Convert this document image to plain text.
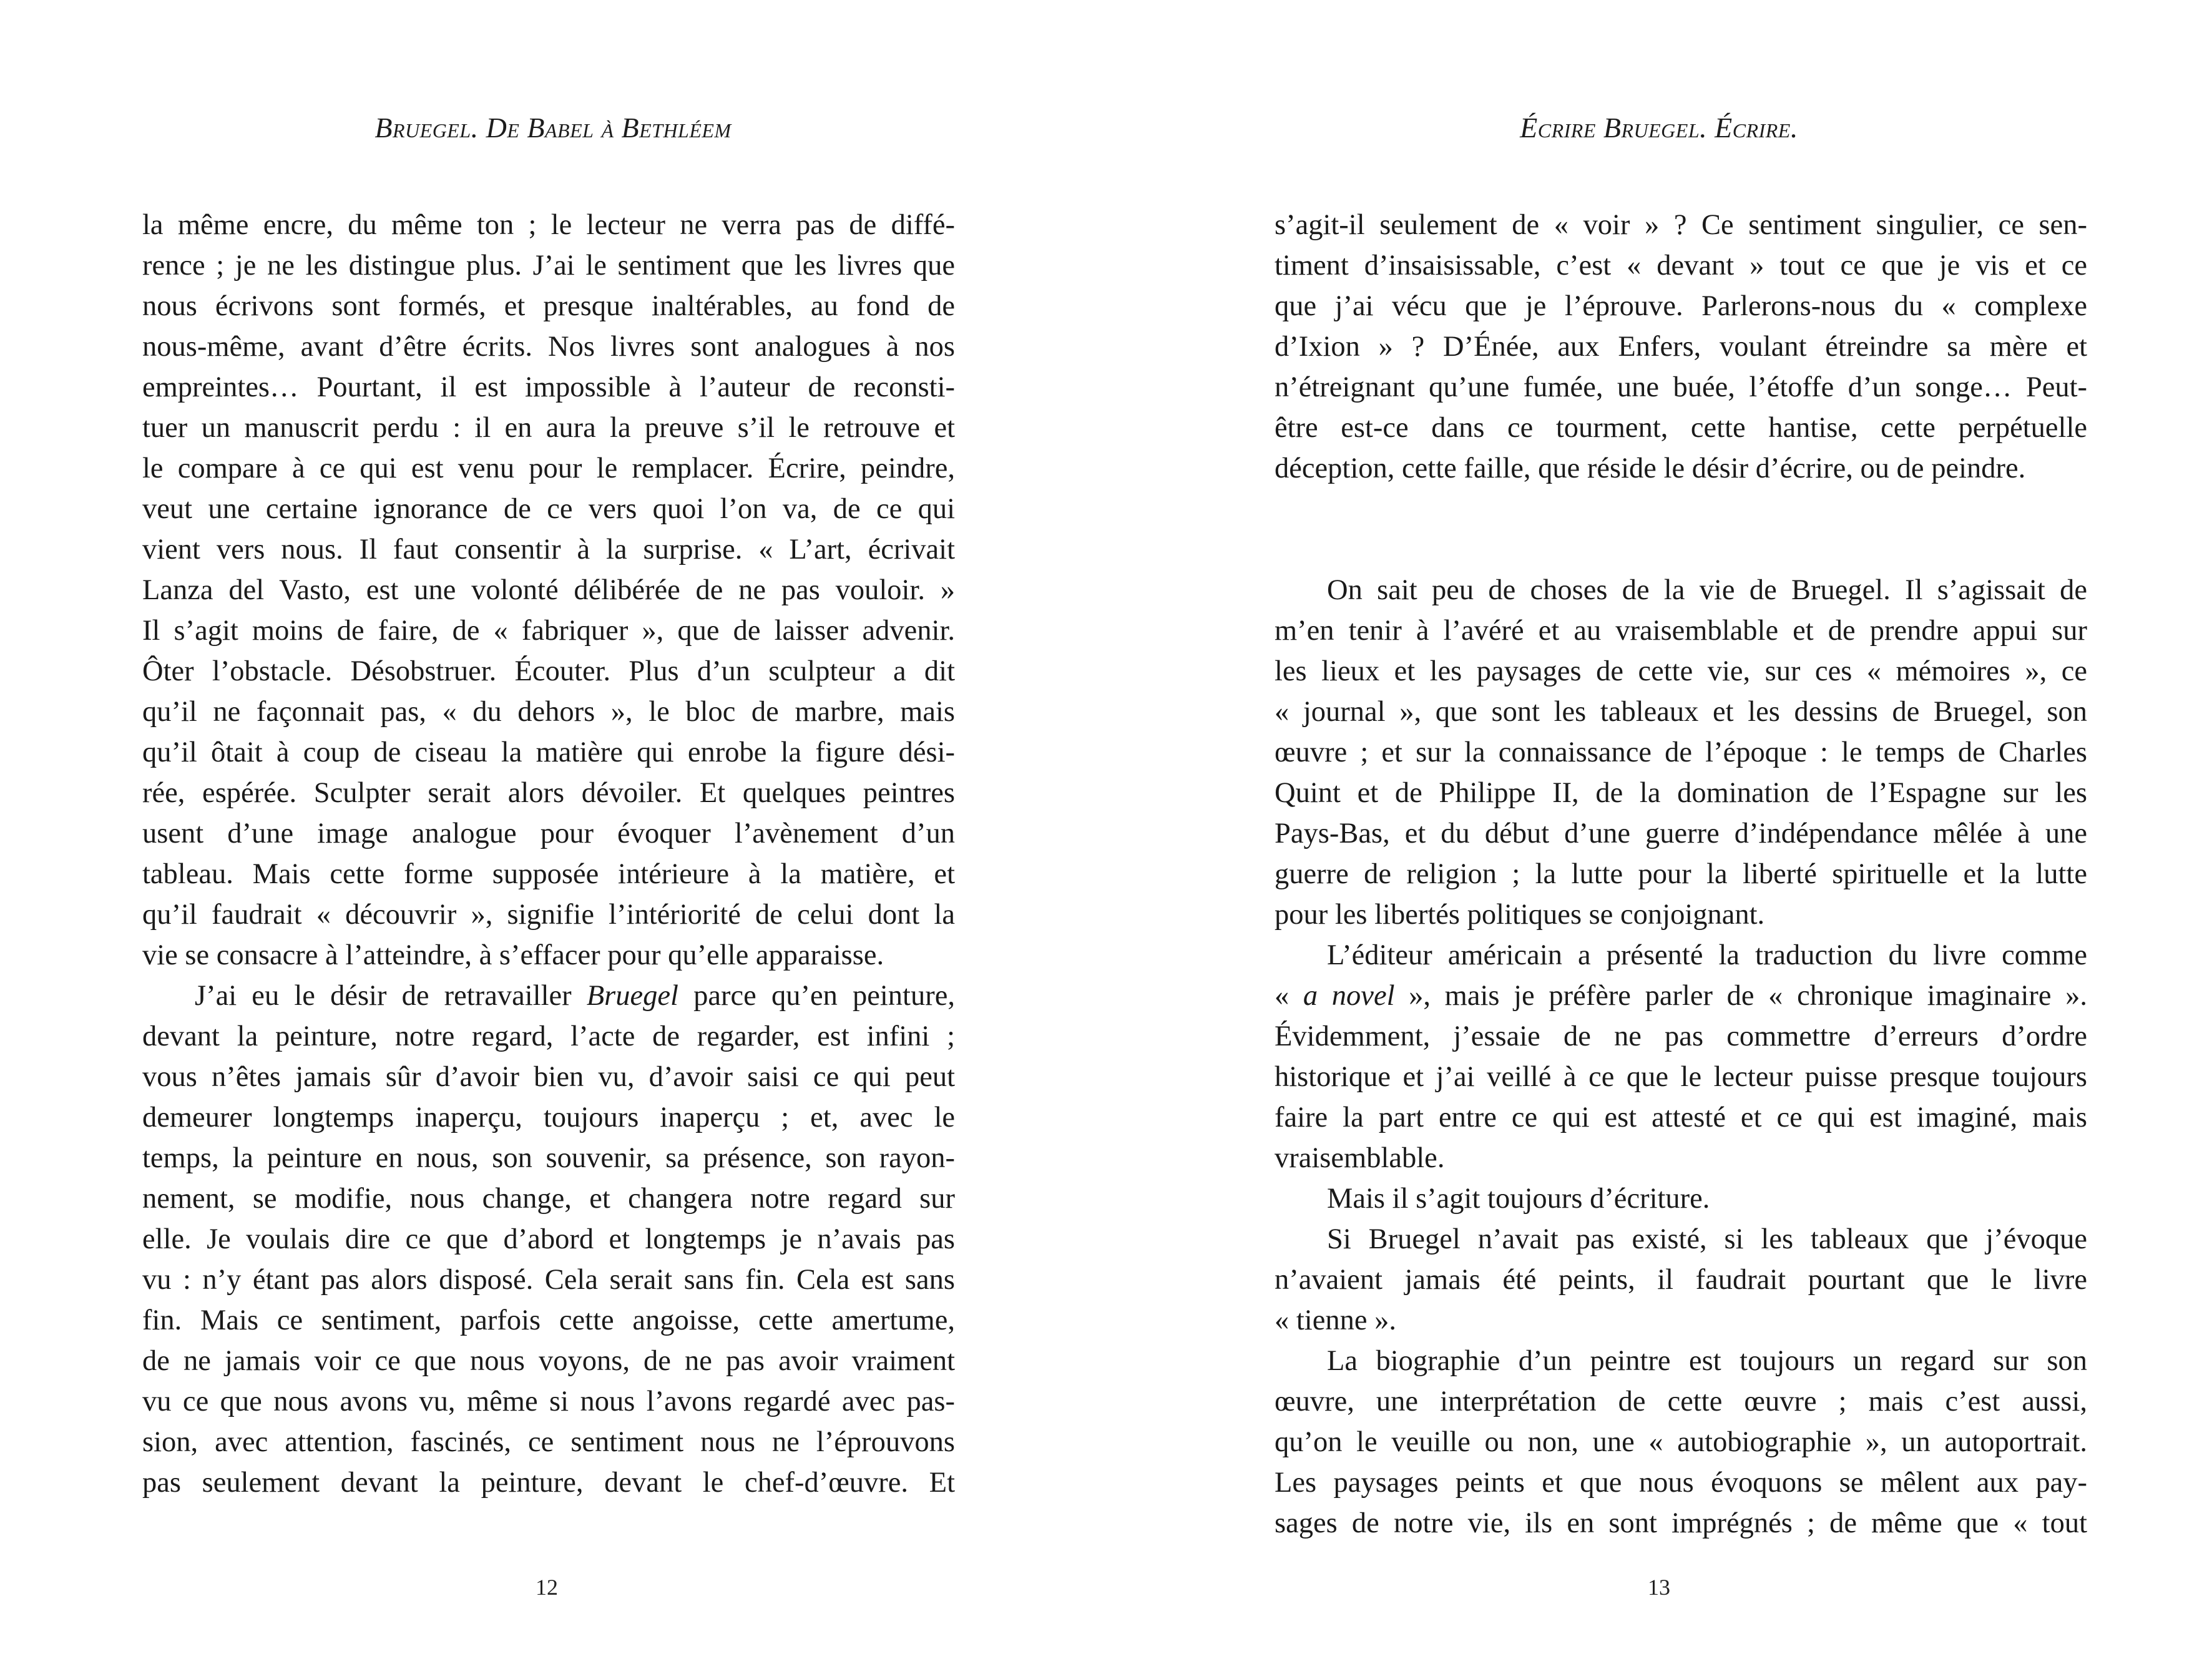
Bruegel. De Babel à Bethléem
la même encre, du même ton ; le lecteur ne verra pas de diffé-
rence ; je ne les distingue plus. J’ai le sentiment que les livres que
nous écrivons sont formés, et presque inaltérables, au fond de
nous-même, avant d’être écrits. Nos livres sont analogues à nos
empreintes… Pourtant, il est impossible à l’auteur de reconsti-
tuer un manuscrit perdu : il en aura la preuve s’il le retrouve et
le compare à ce qui est venu pour le remplacer. Écrire, peindre,
veut une certaine ignorance de ce vers quoi l’on va, de ce qui
vient vers nous. Il faut consentir à la surprise. « L’art, écrivait
Lanza del Vasto, est une volonté délibérée de ne pas vouloir. »
Il s’agit moins de faire, de « fabriquer », que de laisser advenir.
Ôter l’obstacle. Désobstruer. Écouter. Plus d’un sculpteur a dit
qu’il ne façonnait pas, « du dehors », le bloc de marbre, mais
qu’il ôtait à coup de ciseau la matière qui enrobe la figure dési-
rée, espérée. Sculpter serait alors dévoiler. Et quelques peintres
usent d’une image analogue pour évoquer l’avènement d’un
tableau. Mais cette forme supposée intérieure à la matière, et
qu’il faudrait « découvrir », signifie l’intériorité de celui dont la
vie se consacre à l’atteindre, à s’effacer pour qu’elle apparaisse.
J’ai eu le désir de retravailler Bruegel parce qu’en peinture,
devant la peinture, notre regard, l’acte de regarder, est infini ;
vous n’êtes jamais sûr d’avoir bien vu, d’avoir saisi ce qui peut
demeurer longtemps inaperçu, toujours inaperçu ; et, avec le
temps, la peinture en nous, son souvenir, sa présence, son rayon-
nement, se modifie, nous change, et changera notre regard sur
elle. Je voulais dire ce que d’abord et longtemps je n’avais pas
vu : n’y étant pas alors disposé. Cela serait sans fin. Cela est sans
fin. Mais ce sentiment, parfois cette angoisse, cette amertume,
de ne jamais voir ce que nous voyons, de ne pas avoir vraiment
vu ce que nous avons vu, même si nous l’avons regardé avec pas-
sion, avec attention, fascinés, ce sentiment nous ne l’éprouvons
pas seulement devant la peinture, devant le chef-d’œuvre. Et
12
Écrire Bruegel. Écrire.
s’agit-il seulement de « voir » ? Ce sentiment singulier, ce sen-
timent d’insaisissable, c’est « devant » tout ce que je vis et ce
que j’ai vécu que je l’éprouve. Parlerons-nous du « complexe
d’Ixion » ? D’Énée, aux Enfers, voulant étreindre sa mère et
n’étreignant qu’une fumée, une buée, l’étoffe d’un songe… Peut-
être est-ce dans ce tourment, cette hantise, cette perpétuelle
déception, cette faille, que réside le désir d’écrire, ou de peindre.
On sait peu de choses de la vie de Bruegel. Il s’agissait de
m’en tenir à l’avéré et au vraisemblable et de prendre appui sur
les lieux et les paysages de cette vie, sur ces « mémoires », ce
« journal », que sont les tableaux et les dessins de Bruegel, son
œuvre ; et sur la connaissance de l’époque : le temps de Charles
Quint et de Philippe II, de la domination de l’Espagne sur les
Pays-Bas, et du début d’une guerre d’indépendance mêlée à une
guerre de religion ; la lutte pour la liberté spirituelle et la lutte
pour les libertés politiques se conjoignant.
L’éditeur américain a présenté la traduction du livre comme
« a novel », mais je préfère parler de « chronique imaginaire ».
Évidemment, j’essaie de ne pas commettre d’erreurs d’ordre
historique et j’ai veillé à ce que le lecteur puisse presque toujours
faire la part entre ce qui est attesté et ce qui est imaginé, mais
vraisemblable.
Mais il s’agit toujours d’écriture.
Si Bruegel n’avait pas existé, si les tableaux que j’évoque
n’avaient jamais été peints, il faudrait pourtant que le livre
« tienne ».
La biographie d’un peintre est toujours un regard sur son
œuvre, une interprétation de cette œuvre ; mais c’est aussi,
qu’on le veuille ou non, une « autobiographie », un autoportrait.
Les paysages peints et que nous évoquons se mêlent aux pay-
sages de notre vie, ils en sont imprégnés ; de même que « tout
13
